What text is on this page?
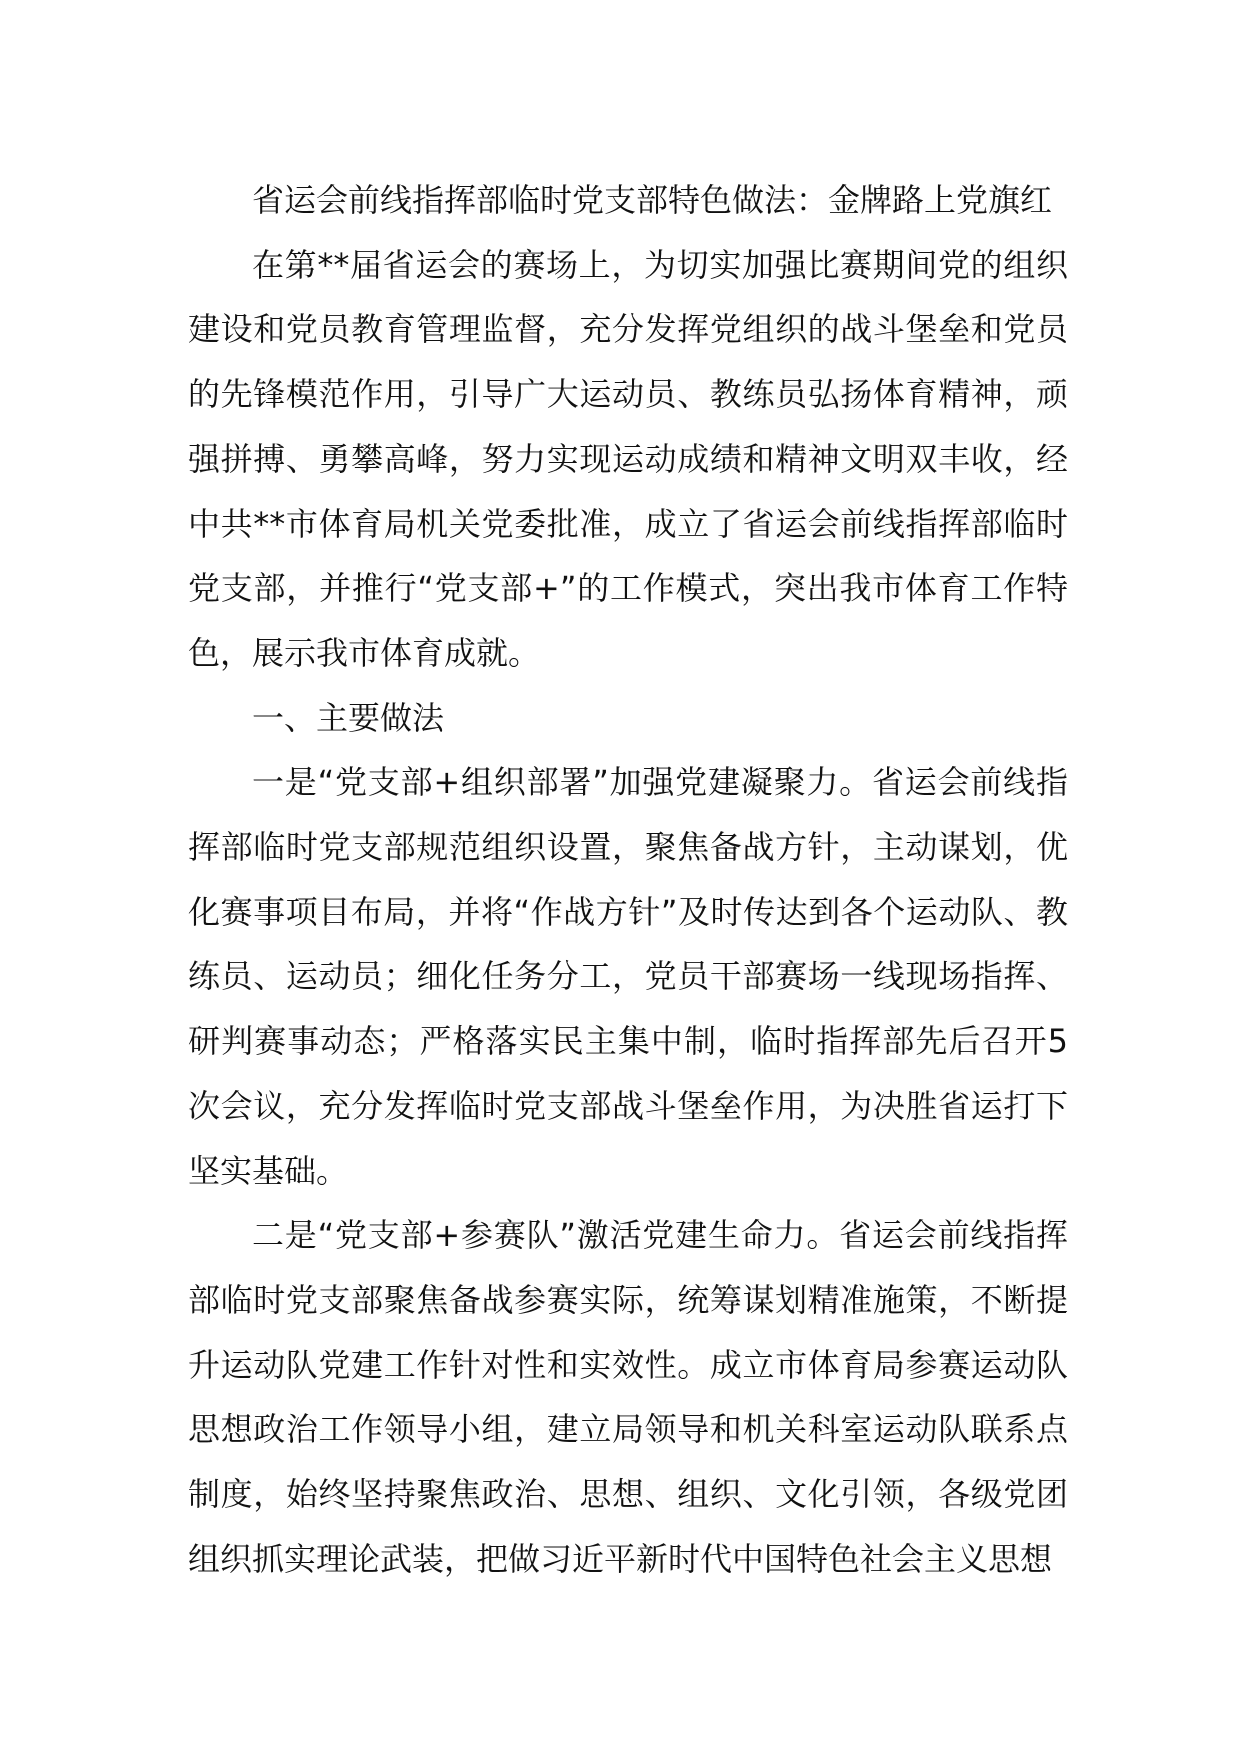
省运会前线指挥部临时党支部特色做法：金牌路上党旗红

在第**届省运会的赛场上，为切实加强比赛期间党的组织建设和党员教育管理监督，充分发挥党组织的战斗堡垒和党员的先锋模范作用，引导广大运动员、教练员弘扬体育精神，顽强拼搏、勇攀高峰，努力实现运动成绩和精神文明双丰收，经中共**市体育局机关党委批准，成立了省运会前线指挥部临时党支部，并推行“党支部+”的工作模式，突出我市体育工作特色，展示我市体育成就。

一、主要做法

一是“党支部+组织部署”加强党建凝聚力。省运会前线指挥部临时党支部规范组织设置，聚焦备战方针，主动谋划，优化赛事项目布局，并将“作战方针”及时传达到各个运动队、教练员、运动员；细化任务分工，党员干部赛场一线现场指挥、研判赛事动态；严格落实民主集中制，临时指挥部先后召开5次会议，充分发挥临时党支部战斗堡垒作用，为决胜省运打下坚实基础。

二是“党支部+参赛队”激活党建生命力。省运会前线指挥部临时党支部聚焦备战参赛实际，统筹谋划精准施策，不断提升运动队党建工作针对性和实效性。成立市体育局参赛运动队思想政治工作领导小组，建立局领导和机关科室运动队联系点制度，始终坚持聚焦政治、思想、组织、文化引领，各级党团组织抓实理论武装，把做习近平新时代中国特色社会主义思想
